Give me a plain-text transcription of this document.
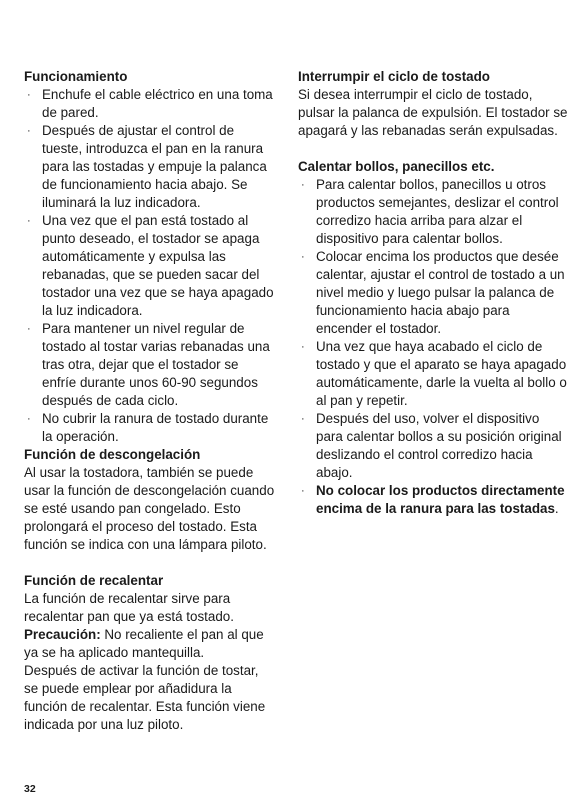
Funcionamiento

· Enchufe el cable eléctrico en una toma de pared.
· Después de ajustar el control de tueste, introduzca el pan en la ranura para las tostadas y empuje la palanca de funcionamiento hacia abajo. Se iluminará la luz indicadora.
· Una vez que el pan está tostado al punto deseado, el tostador se apaga automáticamente y expulsa las rebanadas, que se pueden sacar del tostador una vez que se haya apagado la luz indicadora.
· Para mantener un nivel regular de tostado al tostar varias rebanadas una tras otra, dejar que el tostador se enfríe durante unos 60-90 segundos después de cada ciclo.
· No cubrir la ranura de tostado durante la operación.

Función de descongelación

Al usar la tostadora, también se puede usar la función de descongelación cuando se esté usando pan congelado. Esto prolongará el proceso del tostado. Esta función se indica con una lámpara piloto.

Función de recalentar

La función de recalentar sirve para recalentar pan que ya está tostado.

Precaución: No recaliente el pan al que ya se ha aplicado mantequilla.

Después de activar la función de tostar, se puede emplear por añadidura la función de recalentar. Esta función viene indicada por una luz piloto.

Interrumpir el ciclo de tostado

Si desea interrumpir el ciclo de tostado, pulsar la palanca de expulsión. El tostador se apagará y las rebanadas serán expulsadas.

Calentar bollos, panecillos etc.

· Para calentar bollos, panecillos u otros productos semejantes, deslizar el control corredizo hacia arriba para alzar el dispositivo para calentar bollos.
· Colocar encima los productos que desée calentar, ajustar el control de tostado a un nivel medio y luego pulsar la palanca de funcionamiento hacia abajo para encender el tostador.
· Una vez que haya acabado el ciclo de tostado y que el aparato se haya apagado automáticamente, darle la vuelta al bollo o al pan y repetir.
· Después del uso, volver el dispositivo para calentar bollos a su posición original deslizando el control corredizo hacia abajo.
· No colocar los productos directamente encima de la ranura para las tostadas.
32
